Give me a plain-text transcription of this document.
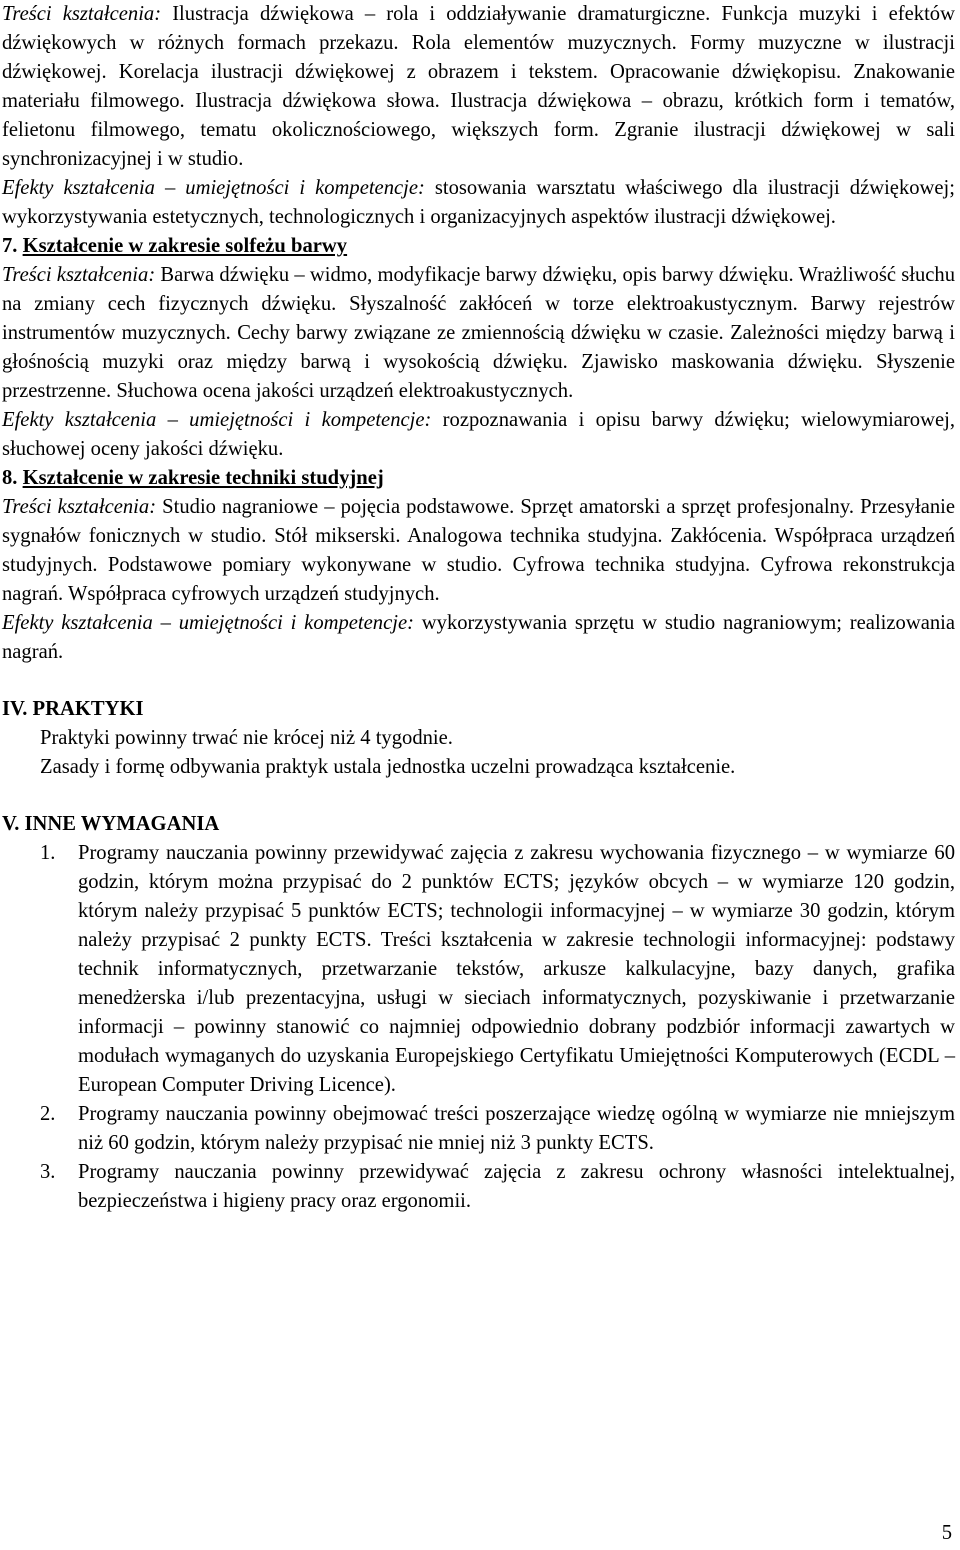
Treści kształcenia: Ilustracja dźwiękowa – rola i oddziaływanie dramaturgiczne. Funkcja muzyki i efektów dźwiękowych w różnych formach przekazu. Rola elementów muzycznych. Formy muzyczne w ilustracji dźwiękowej. Korelacja ilustracji dźwiękowej z obrazem i tekstem. Opracowanie dźwiękopisu. Znakowanie materiału filmowego. Ilustracja dźwiękowa słowa. Ilustracja dźwiękowa – obrazu, krótkich form i tematów, felietonu filmowego, tematu okolicznościowego, większych form. Zgranie ilustracji dźwiękowej w sali synchronizacyjnej i w studio.

Efekty kształcenia – umiejętności i kompetencje: stosowania warsztatu właściwego dla ilustracji dźwiękowej; wykorzystywania estetycznych, technologicznych i organizacyjnych aspektów ilustracji dźwiękowej.

7. Kształcenie w zakresie solfeżu barwy

Treści kształcenia: Barwa dźwięku – widmo, modyfikacje barwy dźwięku, opis barwy dźwięku. Wrażliwość słuchu na zmiany cech fizycznych dźwięku. Słyszalność zakłóceń w torze elektroakustycznym. Barwy rejestrów instrumentów muzycznych. Cechy barwy związane ze zmiennością dźwięku w czasie. Zależności między barwą i głośnością muzyki oraz między barwą i wysokością dźwięku. Zjawisko maskowania dźwięku. Słyszenie przestrzenne. Słuchowa ocena jakości urządzeń elektroakustycznych.

Efekty kształcenia – umiejętności i kompetencje: rozpoznawania i opisu barwy dźwięku; wielowymiarowej, słuchowej oceny jakości dźwięku.

8. Kształcenie w zakresie techniki studyjnej

Treści kształcenia: Studio nagraniowe – pojęcia podstawowe. Sprzęt amatorski a sprzęt profesjonalny. Przesyłanie sygnałów fonicznych w studio. Stół mikserski. Analogowa technika studyjna. Zakłócenia. Współpraca urządzeń studyjnych. Podstawowe pomiary wykonywane w studio. Cyfrowa technika studyjna. Cyfrowa rekonstrukcja nagrań. Współpraca cyfrowych urządzeń studyjnych.

Efekty kształcenia – umiejętności i kompetencje: wykorzystywania sprzętu w studio nagraniowym; realizowania nagrań.

IV. PRAKTYKI

Praktyki powinny trwać nie krócej niż 4 tygodnie.

Zasady i formę odbywania praktyk ustala jednostka uczelni prowadząca kształcenie.

V. INNE WYMAGANIA

1.	Programy nauczania powinny przewidywać zajęcia z zakresu wychowania fizycznego – w wymiarze 60 godzin, którym można przypisać do 2 punktów ECTS; języków obcych – w wymiarze 120 godzin, którym należy przypisać 5 punktów ECTS; technologii informacyjnej – w wymiarze 30 godzin, którym należy przypisać 2 punkty ECTS. Treści kształcenia w zakresie technologii informacyjnej: podstawy technik informatycznych, przetwarzanie tekstów, arkusze kalkulacyjne, bazy danych, grafika menedżerska i/lub prezentacyjna, usługi w sieciach informatycznych, pozyskiwanie i przetwarzanie informacji – powinny stanowić co najmniej odpowiednio dobrany podzbiór informacji zawartych w modułach wymaganych do uzyskania Europejskiego Certyfikatu Umiejętności Komputerowych (ECDL – European Computer Driving Licence).
2.	Programy nauczania powinny obejmować treści poszerzające wiedzę ogólną w wymiarze nie mniejszym niż 60 godzin, którym należy przypisać nie mniej niż 3 punkty ECTS.
3.	Programy nauczania powinny przewidywać zajęcia z zakresu ochrony własności intelektualnej, bezpieczeństwa i higieny pracy oraz ergonomii.
5
